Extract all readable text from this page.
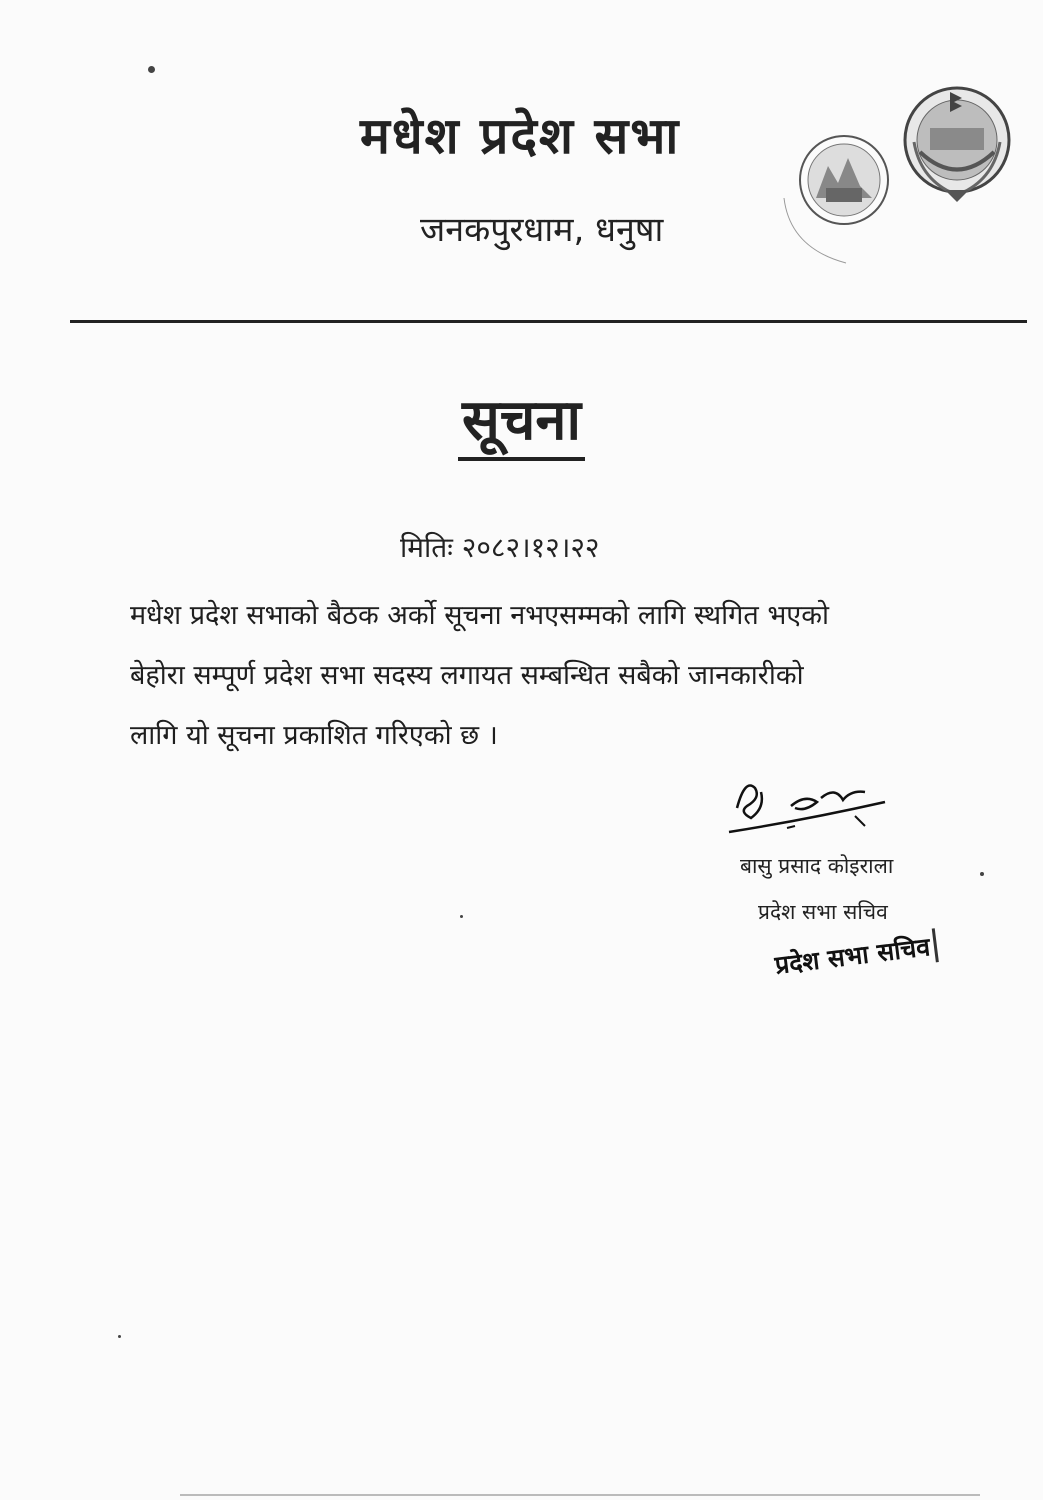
मधेश प्रदेश सभा
जनकपुरधाम, धनुषा
सूचना
मितिः २०८२।१२।२२
मधेश प्रदेश सभाको बैठक अर्को सूचना नभएसम्मको लागि स्थगित भएको
बेहोरा सम्पूर्ण प्रदेश सभा सदस्य लगायत सम्बन्धित सबैको जानकारीको
लागि यो सूचना प्रकाशित गरिएको छ ।
बासु प्रसाद कोइराला
प्रदेश सभा सचिव
प्रदेश सभा सचिव
